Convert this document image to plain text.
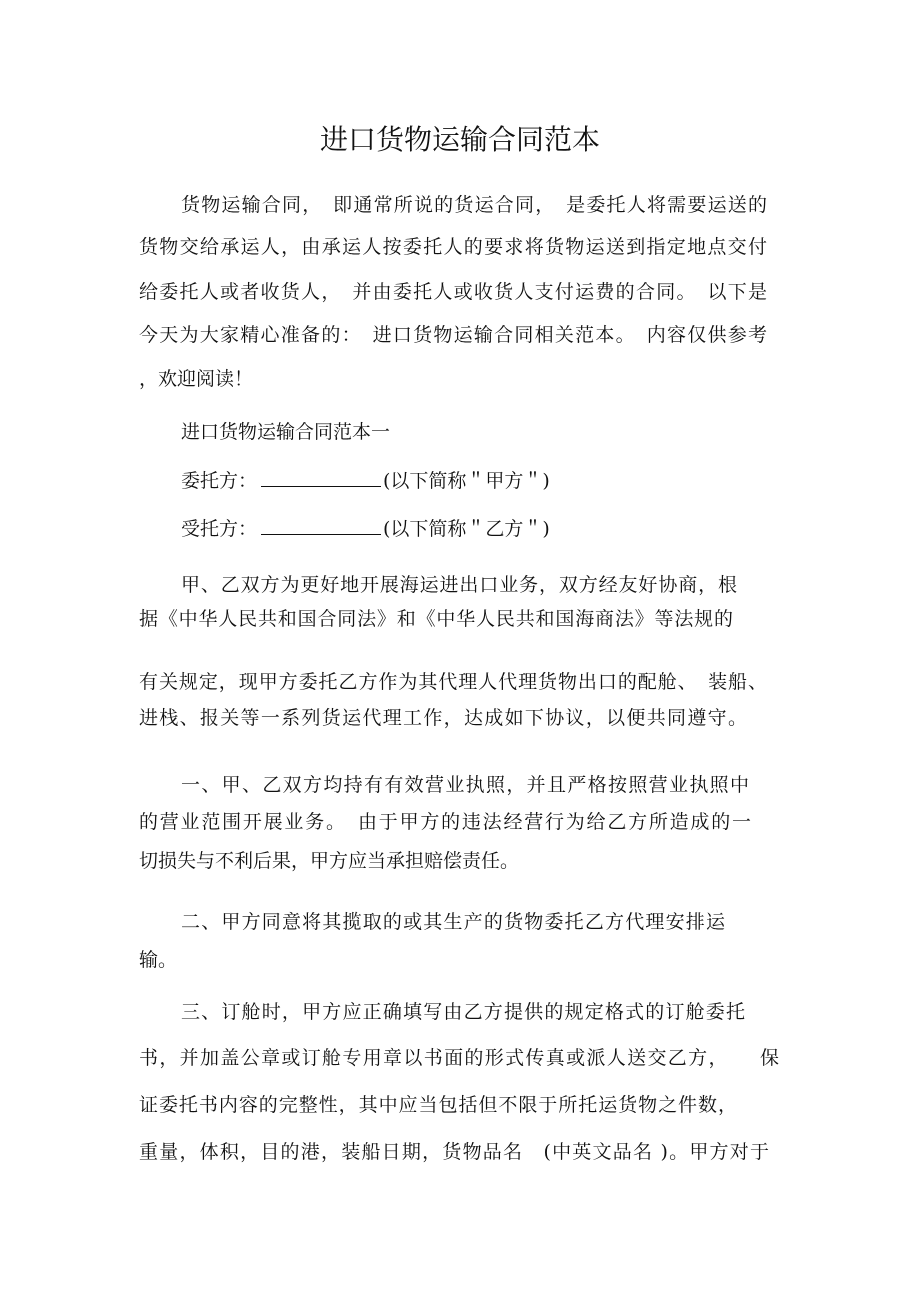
进口货物运输合同范本
货物运输合同，　即通常所说的货运合同，　是委托人将需要运送的
货物交给承运人，由承运人按委托人的要求将货物运送到指定地点交付
给委托人或者收货人，　并由委托人或收货人支付运费的合同。　以下是
今天为大家精心准备的：　进口货物运输合同相关范本。　内容仅供参考
，欢迎阅读！
进口货物运输合同范本一
委托方：	(以下简称＂甲方＂)
受托方：	(以下简称＂乙方＂)
甲、乙双方为更好地开展海运进出口业务，双方经友好协商，根
据《中华人民共和国合同法》和《中华人民共和国海商法》等法规的
有关规定，现甲方委托乙方作为其代理人代理货物出口的配舱、　装船、
进栈、报关等一系列货运代理工作，达成如下协议，以便共同遵守。
一、甲、乙双方均持有有效营业执照，并且严格按照营业执照中
的营业范围开展业务。　由于甲方的违法经营行为给乙方所造成的一
切损失与不利后果，甲方应当承担赔偿责任。
二、甲方同意将其揽取的或其生产的货物委托乙方代理安排运
输。
三、订舱时，甲方应正确填写由乙方提供的规定格式的订舱委托
书，并加盖公章或订舱专用章以书面的形式传真或派人送交乙方，　　保
证委托书内容的完整性，其中应当包括但不限于所托运货物之件数，
重量，体积，目的港，装船日期，货物品名　(中英文品名 )。甲方对于
